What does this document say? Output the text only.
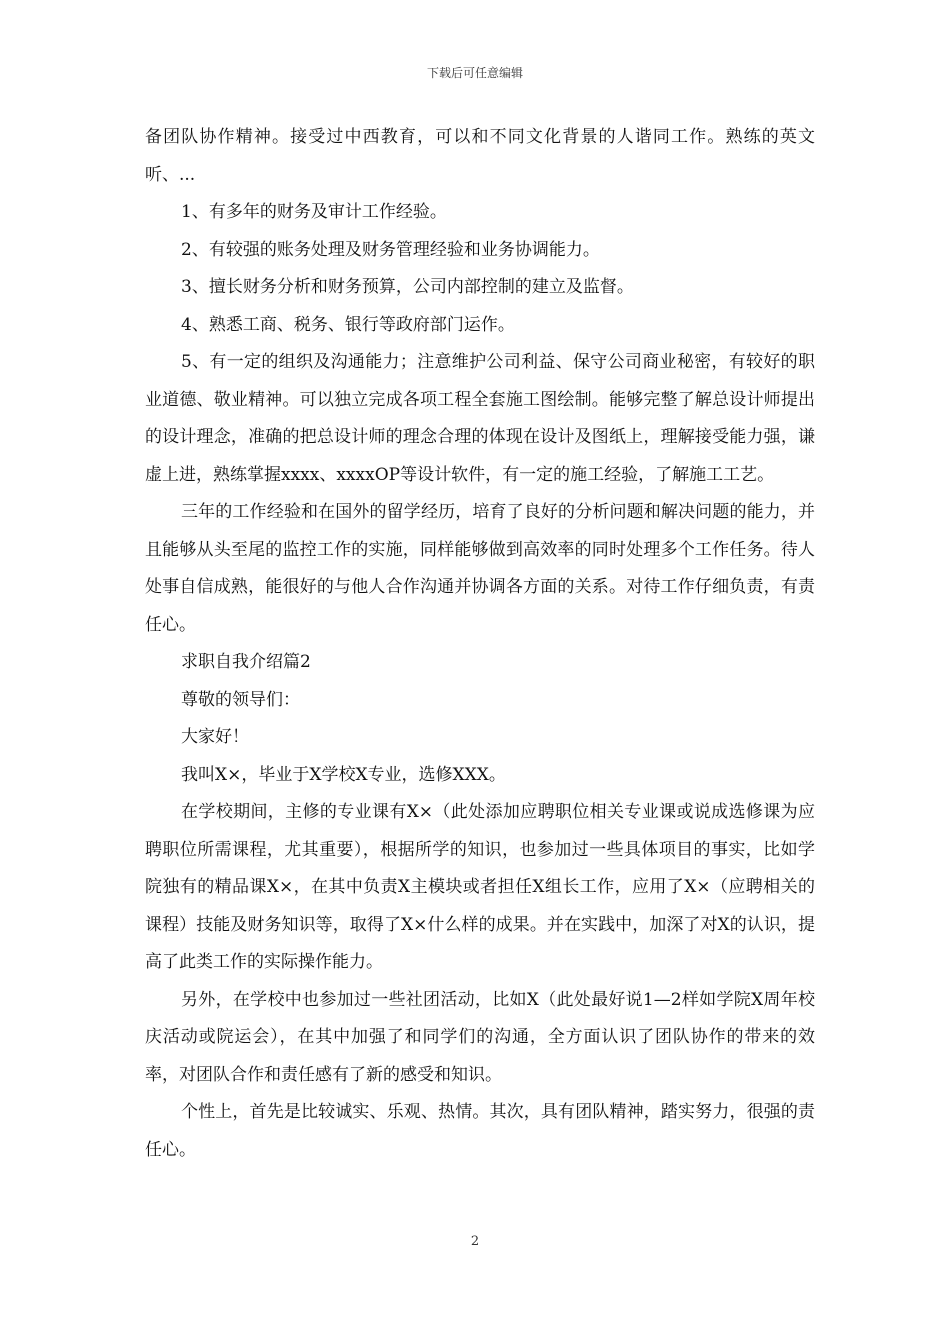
下载后可任意编辑

备团队协作精神。接受过中西教育，可以和不同文化背景的人谐同工作。熟练的英文听、...

1、有多年的财务及审计工作经验。

2、有较强的账务处理及财务管理经验和业务协调能力。

3、擅长财务分析和财务预算，公司内部控制的建立及监督。

4、熟悉工商、税务、银行等政府部门运作。

5、有一定的组织及沟通能力；注意维护公司利益、保守公司商业秘密，有较好的职业道德、敬业精神。可以独立完成各项工程全套施工图绘制。能够完整了解总设计师提出的设计理念，准确的把总设计师的理念合理的体现在设计及图纸上，理解接受能力强，谦虚上进，熟练掌握xxxx、xxxxOP等设计软件，有一定的施工经验，了解施工工艺。

三年的工作经验和在国外的留学经历，培育了良好的分析问题和解决问题的能力，并且能够从头至尾的监控工作的实施，同样能够做到高效率的同时处理多个工作任务。待人处事自信成熟，能很好的与他人合作沟通并协调各方面的关系。对待工作仔细负责，有责任心。

求职自我介绍篇2

尊敬的领导们：

大家好！

我叫X×，毕业于X学校X专业，选修XXX。

在学校期间，主修的专业课有X×（此处添加应聘职位相关专业课或说成选修课为应聘职位所需课程，尤其重要），根据所学的知识，也参加过一些具体项目的事实，比如学院独有的精品课X×，在其中负责X主模块或者担任X组长工作，应用了X×（应聘相关的课程）技能及财务知识等，取得了X×什么样的成果。并在实践中，加深了对X的认识，提高了此类工作的实际操作能力。

另外，在学校中也参加过一些社团活动，比如X（此处最好说1—2样如学院X周年校庆活动或院运会），在其中加强了和同学们的沟通，全方面认识了团队协作的带来的效率，对团队合作和责任感有了新的感受和知识。

个性上，首先是比较诚实、乐观、热情。其次，具有团队精神，踏实努力，很强的责任心。

2
